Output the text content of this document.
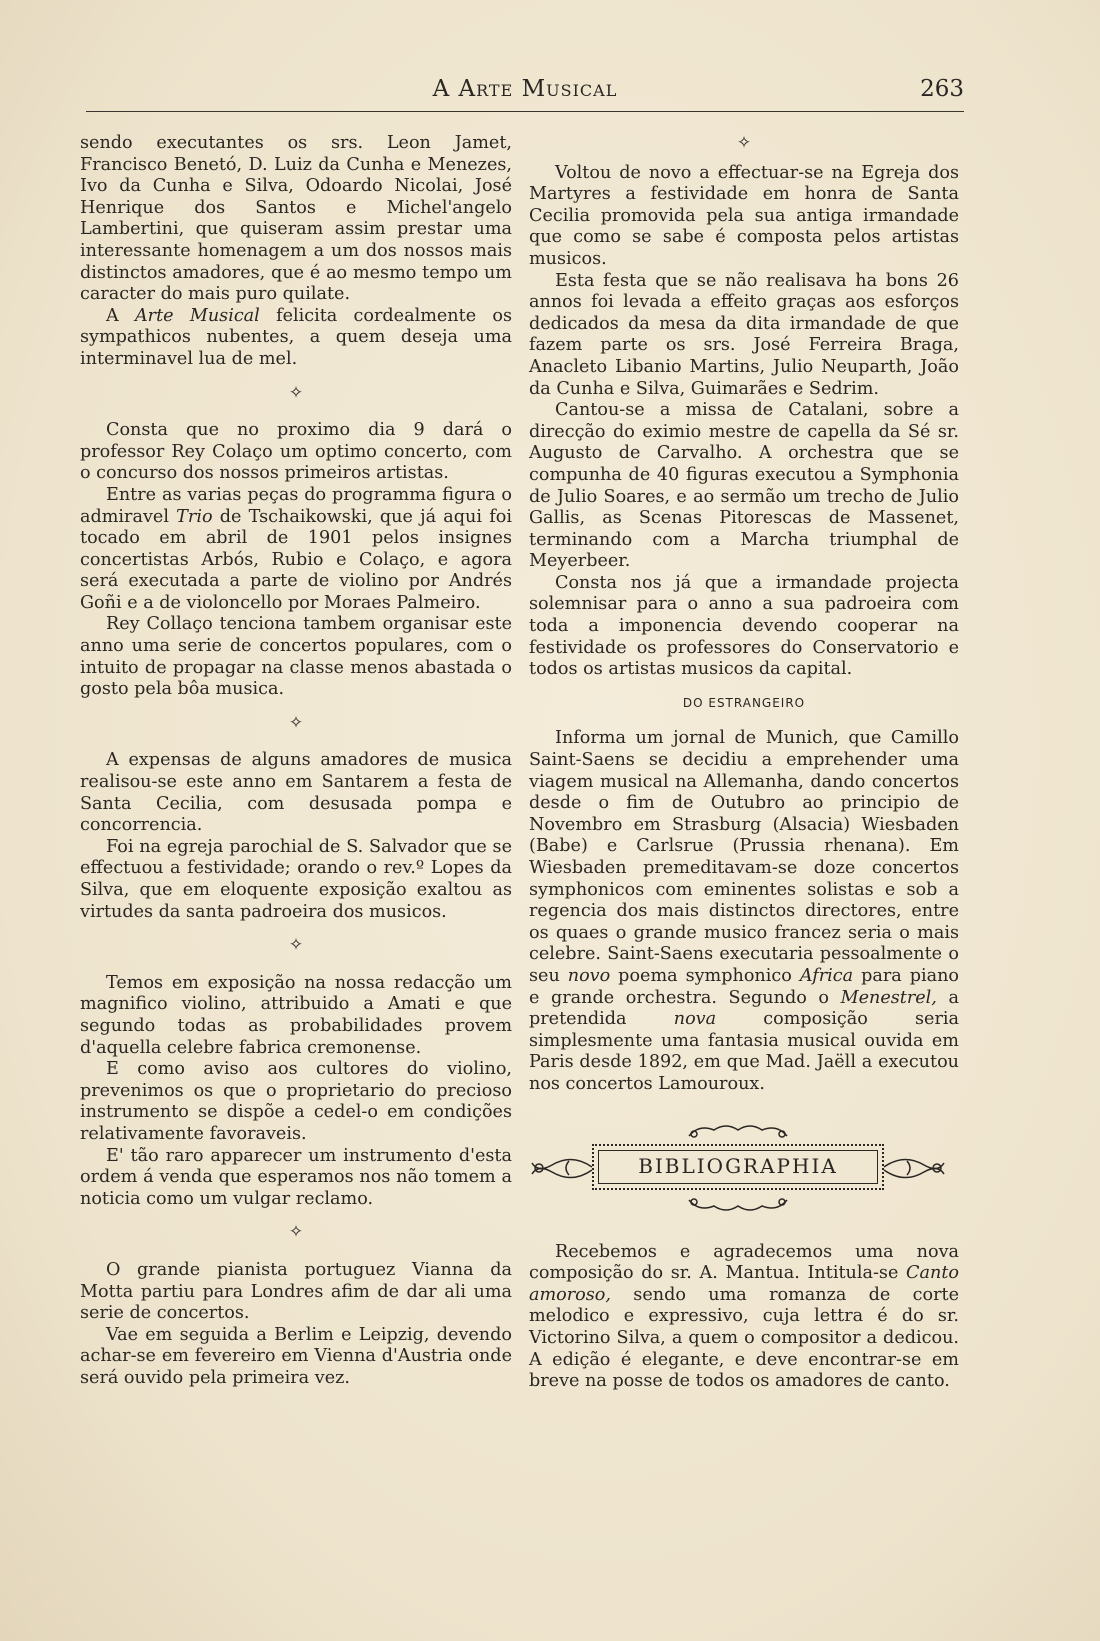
A Arte Musical	263

sendo executantes os srs. Leon Jamet, Francisco Benetó, D. Luiz da Cunha e Menezes, Ivo da Cunha e Silva, Odoardo Nicolai, José Henrique dos Santos e Michel'angelo Lambertini, que quiseram assim prestar uma interessante homenagem a um dos nossos mais distinctos amadores, que é ao mesmo tempo um caracter do mais puro quilate.

A Arte Musical felicita cordealmente os sympathicos nubentes, a quem deseja uma interminavel lua de mel.

✧

Consta que no proximo dia 9 dará o professor Rey Colaço um optimo concerto, com o concurso dos nossos primeiros artistas.

Entre as varias peças do programma figura o admiravel Trio de Tschaikowski, que já aqui foi tocado em abril de 1901 pelos insignes concertistas Arbós, Rubio e Colaço, e agora será executada a parte de violino por Andrés Goñi e a de violoncello por Moraes Palmeiro.

Rey Collaço tenciona tambem organisar este anno uma serie de concertos populares, com o intuito de propagar na classe menos abastada o gosto pela bôa musica.

✧

A expensas de alguns amadores de musica realisou-se este anno em Santarem a festa de Santa Cecilia, com desusada pompa e concorrencia.

Foi na egreja parochial de S. Salvador que se effectuou a festividade; orando o rev.º Lopes da Silva, que em eloquente exposição exaltou as virtudes da santa padroeira dos musicos.

✧

Temos em exposição na nossa redacção um magnifico violino, attribuido a Amati e que segundo todas as probabilidades provem d'aquella celebre fabrica cremonense.

E como aviso aos cultores do violino, prevenimos os que o proprietario do precioso instrumento se dispõe a cedel-o em condições relativamente favoraveis.

E' tão raro apparecer um instrumento d'esta ordem á venda que esperamos nos não tomem a noticia como um vulgar reclamo.

✧

O grande pianista portuguez Vianna da Motta partiu para Londres afim de dar ali uma serie de concertos.

Vae em seguida a Berlim e Leipzig, devendo achar-se em fevereiro em Vienna d'Austria onde será ouvido pela primeira vez.

✧

Voltou de novo a effectuar-se na Egreja dos Martyres a festividade em honra de Santa Cecilia promovida pela sua antiga irmandade que como se sabe é composta pelos artistas musicos.

Esta festa que se não realisava ha bons 26 annos foi levada a effeito graças aos esforços dedicados da mesa da dita irmandade de que fazem parte os srs. José Ferreira Braga, Anacleto Libanio Martins, Julio Neuparth, João da Cunha e Silva, Guimarães e Sedrim.

Cantou-se a missa de Catalani, sobre a direcção do eximio mestre de capella da Sé sr. Augusto de Carvalho. A orchestra que se compunha de 40 figuras executou a Symphonia de Julio Soares, e ao sermão um trecho de Julio Gallis, as Scenas Pitorescas de Massenet, terminando com a Marcha triumphal de Meyerbeer.

Consta nos já que a irmandade projecta solemnisar para o anno a sua padroeira com toda a imponencia devendo cooperar na festividade os professores do Conservatorio e todos os artistas musicos da capital.

DO ESTRANGEIRO

Informa um jornal de Munich, que Camillo Saint-Saens se decidiu a emprehender uma viagem musical na Allemanha, dando concertos desde o fim de Outubro ao principio de Novembro em Strasburg (Alsacia) Wiesbaden (Babe) e Carlsrue (Prussia rhenana). Em Wiesbaden premeditavam-se doze concertos symphonicos com eminentes solistas e sob a regencia dos mais distinctos directores, entre os quaes o grande musico francez seria o mais celebre. Saint-Saens executaria pessoalmente o seu novo poema symphonico Africa para piano e grande orchestra. Segundo o Menestrel, a pretendida nova composição seria simplesmente uma fantasia musical ouvida em Paris desde 1892, em que Mad. Jaëll a executou nos concertos Lamouroux.

BIBLIOGRAPHIA

Recebemos e agradecemos uma nova composição do sr. A. Mantua. Intitula-se Canto amoroso, sendo uma romanza de corte melodico e expressivo, cuja lettra é do sr. Victorino Silva, a quem o compositor a dedicou. A edição é elegante, e deve encontrar-se em breve na posse de todos os amadores de canto.
